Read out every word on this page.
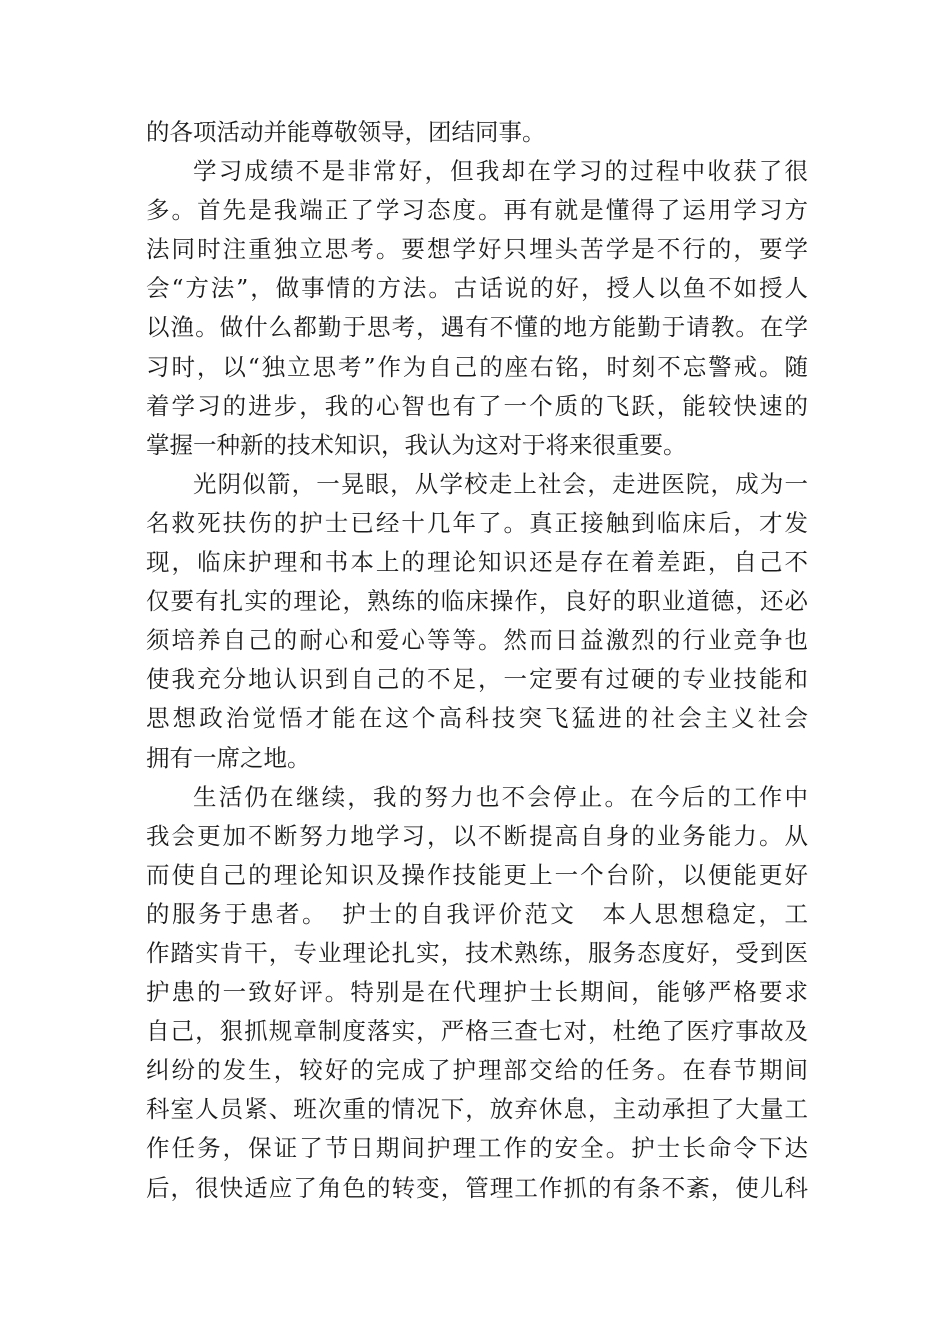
的各项活动并能尊敬领导，团结同事。
学习成绩不是非常好，但我却在学习的过程中收获了很
多。首先是我端正了学习态度。再有就是懂得了运用学习方
法同时注重独立思考。要想学好只埋头苦学是不行的，要学
会“方法”，做事情的方法。古话说的好，授人以鱼不如授人
以渔。做什么都勤于思考，遇有不懂的地方能勤于请教。在学
习时，以“独立思考”作为自己的座右铭，时刻不忘警戒。随
着学习的进步，我的心智也有了一个质的飞跃，能较快速的
掌握一种新的技术知识，我认为这对于将来很重要。
光阴似箭，一晃眼，从学校走上社会，走进医院，成为一
名救死扶伤的护士已经十几年了。真正接触到临床后，才发
现，临床护理和书本上的理论知识还是存在着差距，自己不
仅要有扎实的理论，熟练的临床操作，良好的职业道德，还必
须培养自己的耐心和爱心等等。然而日益激烈的行业竞争也
使我充分地认识到自己的不足，一定要有过硬的专业技能和
思想政治觉悟才能在这个高科技突飞猛进的社会主义社会
拥有一席之地。
生活仍在继续，我的努力也不会停止。在今后的工作中
我会更加不断努力地学习，以不断提高自身的业务能力。从
而使自己的理论知识及操作技能更上一个台阶，以便能更好
的服务于患者。　护士的自我评价范文　本人思想稳定，工
作踏实肯干，专业理论扎实，技术熟练，服务态度好，受到医
护患的一致好评。特别是在代理护士长期间，能够严格要求
自己，狠抓规章制度落实，严格三查七对，杜绝了医疗事故及
纠纷的发生，较好的完成了护理部交给的任务。在春节期间
科室人员紧、班次重的情况下，放弃休息，主动承担了大量工
作任务，保证了节日期间护理工作的安全。护士长命令下达
后，很快适应了角色的转变，管理工作抓的有条不紊，使儿科
